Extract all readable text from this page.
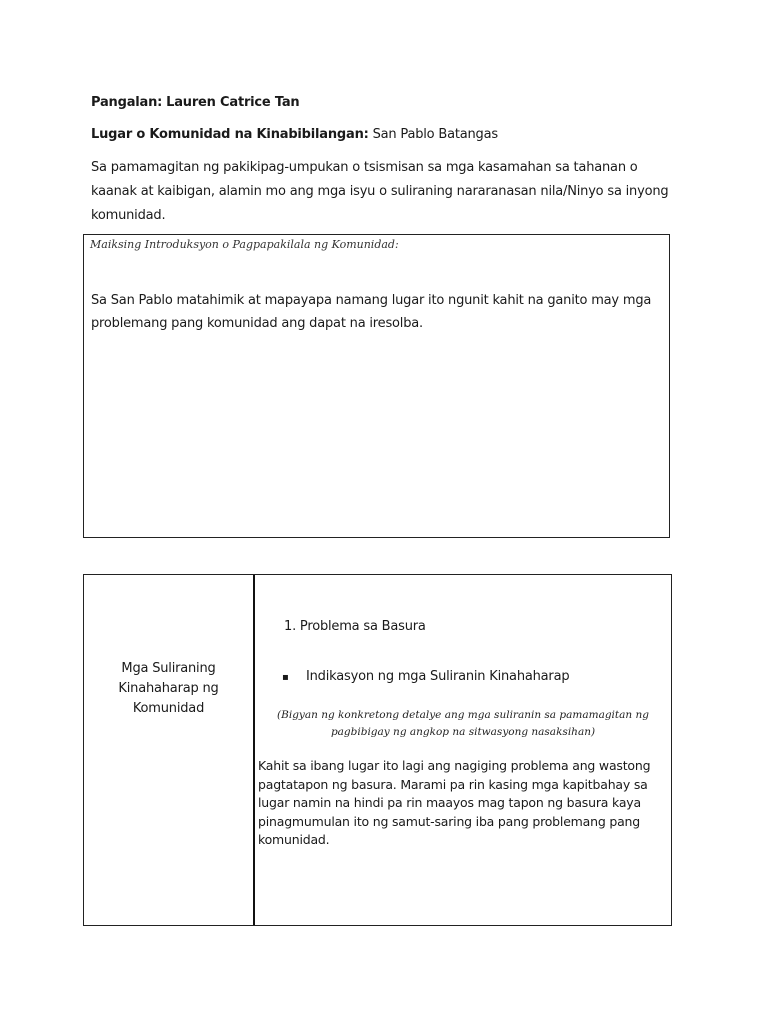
Pangalan: Lauren Catrice Tan
Lugar o Komunidad na Kinabibilangan: San Pablo Batangas
Sa pamamagitan ng pakikipag-umpukan o tsismisan sa mga kasamahan sa tahanan o kaanak at kaibigan, alamin mo ang mga isyu o suliraning nararanasan nila/Ninyo sa inyong komunidad.
Maiksing Introduksyon o Pagpapakilala ng Komunidad:
Sa San Pablo matahimik at mapayapa namang lugar ito ngunit kahit na ganito may mga problemang pang komunidad ang dapat na iresolba.
Mga Suliraning Kinahaharap ng Komunidad
1. Problema sa Basura
▪ Indikasyon ng mga Suliranin Kinahaharap
(Bigyan ng konkretong detalye ang mga suliranin sa pamamagitan ng pagbibigay ng angkop na sitwasyong nasaksihan)
Kahit sa ibang lugar ito lagi ang nagiging problema ang wastong pagtatapon ng basura. Marami pa rin kasing mga kapitbahay sa lugar namin na hindi pa rin maayos mag tapon ng basura kaya pinagmumulan ito ng samut-saring iba pang problemang pang komunidad.
